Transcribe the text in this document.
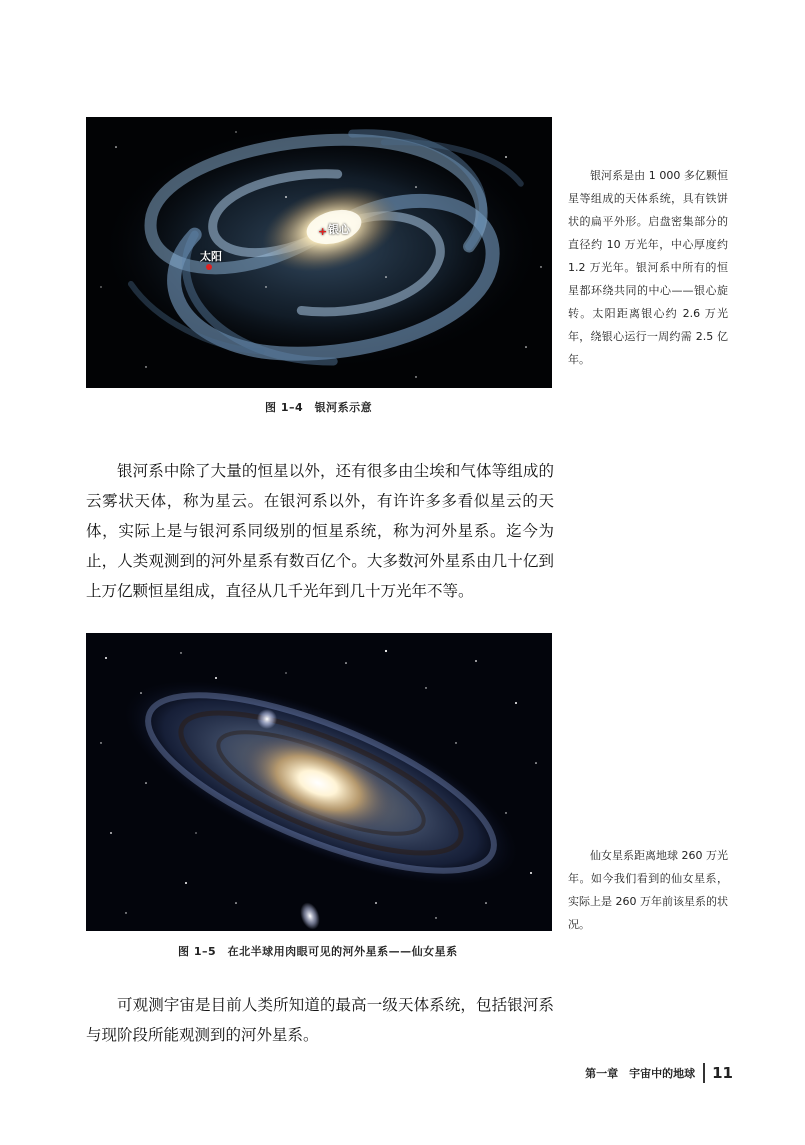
+ 银心
太阳
图 1–4　银河系示意
银河系是由 1 000 多亿颗恒星等组成的天体系统，具有铁饼状的扁平外形。启盘密集部分的直径约 10 万光年，中心厚度约 1.2 万光年。银河系中所有的恒星都环绕共同的中心——银心旋转。太阳距离银心约 2.6 万光年，绕银心运行一周约需 2.5 亿年。
银河系中除了大量的恒星以外，还有很多由尘埃和气体等组成的云雾状天体，称为星云。在银河系以外，有许许多多看似星云的天体，实际上是与银河系同级别的恒星系统，称为河外星系。迄今为止，人类观测到的河外星系有数百亿个。大多数河外星系由几十亿到上万亿颗恒星组成，直径从几千光年到几十万光年不等。
图 1–5　在北半球用肉眼可见的河外星系——仙女星系
仙女星系距离地球 260 万光年。如今我们看到的仙女星系，实际上是 260 万年前该星系的状况。
可观测宇宙是目前人类所知道的最高一级天体系统，包括银河系与现阶段所能观测到的河外星系。
第一章　宇宙中的地球 11
